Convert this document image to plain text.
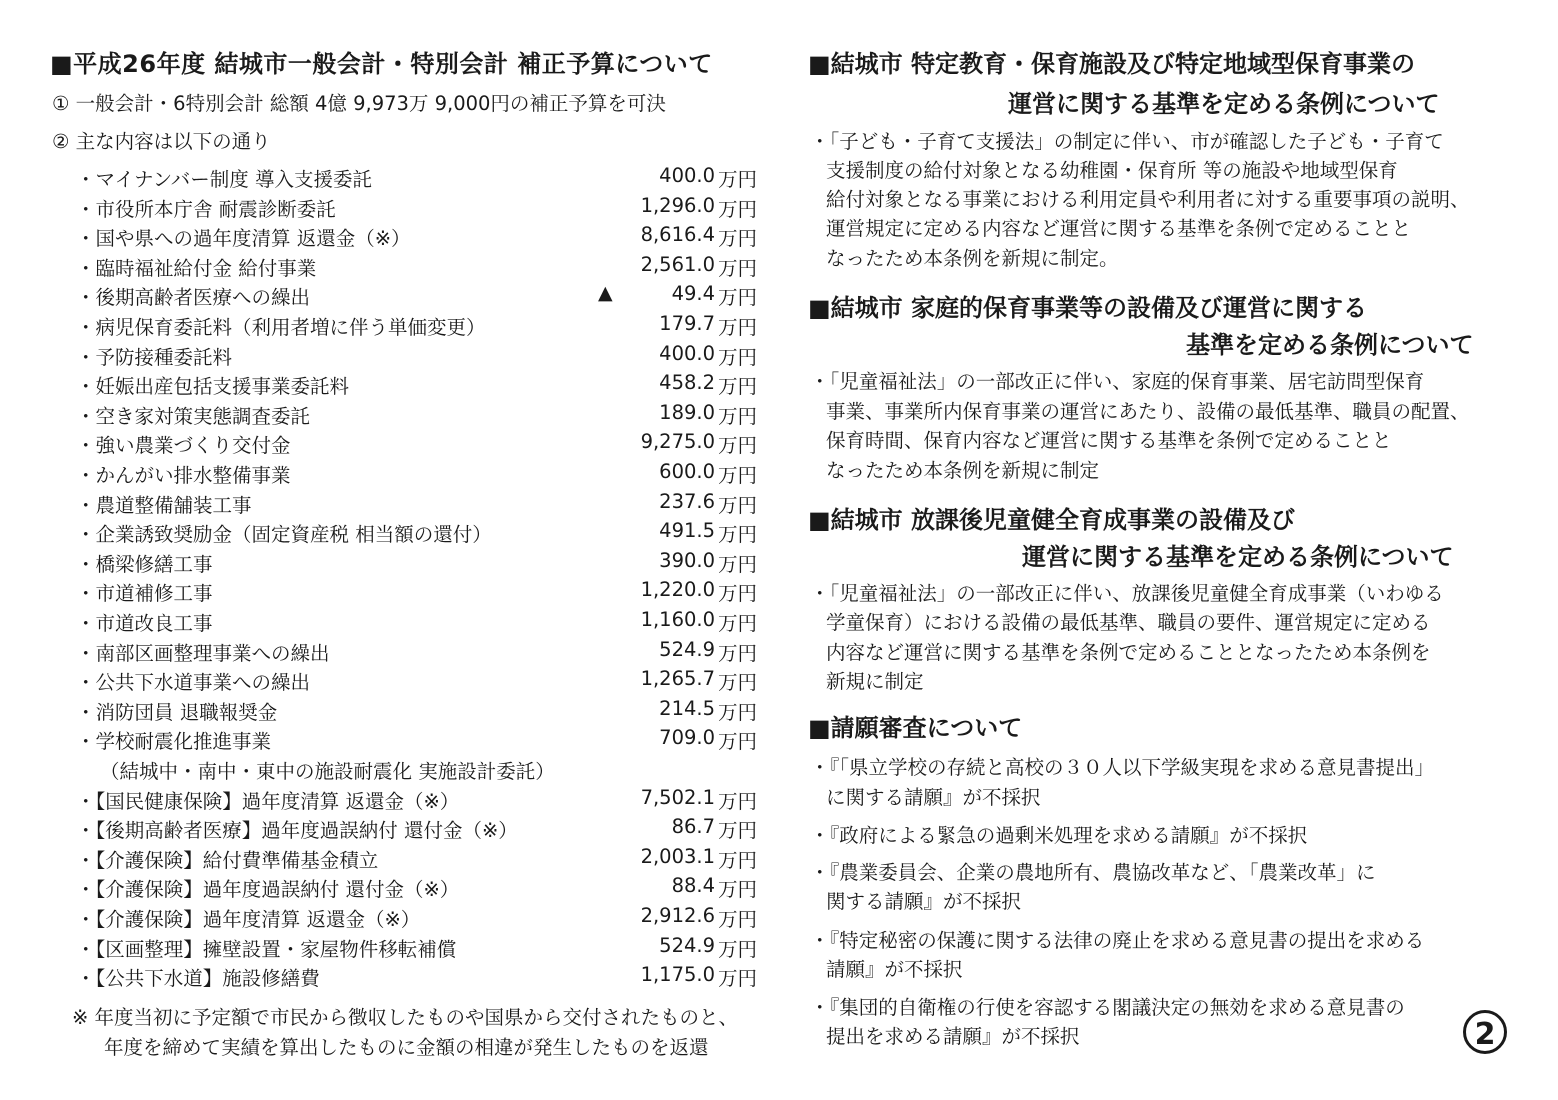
■平成26年度 結城市一般会計・特別会計 補正予算について
① 一般会計・6特別会計 総額 4億 9,973万 9,000円の補正予算を可決
② 主な内容は以下の通り
・マイナンバー制度 導入支援委託	400.0 万円
・市役所本庁舎 耐震診断委託	1,296.0 万円
・国や県への過年度清算 返還金（※）	8,616.4 万円
・臨時福祉給付金 給付事業	2,561.0 万円
・後期高齢者医療への繰出	▲	49.4 万円
・病児保育委託料（利用者増に伴う単価変更）	179.7 万円
・予防接種委託料	400.0 万円
・妊娠出産包括支援事業委託料	458.2 万円
・空き家対策実態調査委託	189.0 万円
・強い農業づくり交付金	9,275.0 万円
・かんがい排水整備事業	600.0 万円
・農道整備舗装工事	237.6 万円
・企業誘致奨励金（固定資産税 相当額の還付）	491.5 万円
・橋梁修繕工事	390.0 万円
・市道補修工事	1,220.0 万円
・市道改良工事	1,160.0 万円
・南部区画整理事業への繰出	524.9 万円
・公共下水道事業への繰出	1,265.7 万円
・消防団員 退職報奨金	214.5 万円
・学校耐震化推進事業	709.0 万円
（結城中・南中・東中の施設耐震化 実施設計委託）
・【国民健康保険】過年度清算 返還金（※）	7,502.1 万円
・【後期高齢者医療】過年度過誤納付 還付金（※）	86.7 万円
・【介護保険】給付費準備基金積立	2,003.1 万円
・【介護保険】過年度過誤納付 還付金（※）	88.4 万円
・【介護保険】過年度清算 返還金（※）	2,912.6 万円
・【区画整理】擁壁設置・家屋物件移転補償	524.9 万円
・【公共下水道】施設修繕費	1,175.0 万円
※ 年度当初に予定額で市民から徴収したものや国県から交付されたものと、
年度を締めて実績を算出したものに金額の相違が発生したものを返還
■結城市 特定教育・保育施設及び特定地域型保育事業の
運営に関する基準を定める条例について
・「子ども・子育て支援法」の制定に伴い、市が確認した子ども・子育て
支援制度の給付対象となる幼稚園・保育所 等の施設や地域型保育
給付対象となる事業における利用定員や利用者に対する重要事項の説明、
運営規定に定める内容など運営に関する基準を条例で定めることと
なったため本条例を新規に制定。
■結城市 家庭的保育事業等の設備及び運営に関する
基準を定める条例について
・「児童福祉法」の一部改正に伴い、家庭的保育事業、居宅訪問型保育
事業、事業所内保育事業の運営にあたり、設備の最低基準、職員の配置、
保育時間、保育内容など運営に関する基準を条例で定めることと
なったため本条例を新規に制定
■結城市 放課後児童健全育成事業の設備及び
運営に関する基準を定める条例について
・「児童福祉法」の一部改正に伴い、放課後児童健全育成事業（いわゆる
学童保育）における設備の最低基準、職員の要件、運営規定に定める
内容など運営に関する基準を条例で定めることとなったため本条例を
新規に制定
■請願審査について
・『「県立学校の存続と高校の３０人以下学級実現を求める意見書提出」
に関する請願』が不採択
・『政府による緊急の過剰米処理を求める請願』が不採択
・『農業委員会、企業の農地所有、農協改革など、「農業改革」に
関する請願』が不採択
・『特定秘密の保護に関する法律の廃止を求める意見書の提出を求める
請願』が不採択
・『集団的自衛権の行使を容認する閣議決定の無効を求める意見書の
提出を求める請願』が不採択	2
